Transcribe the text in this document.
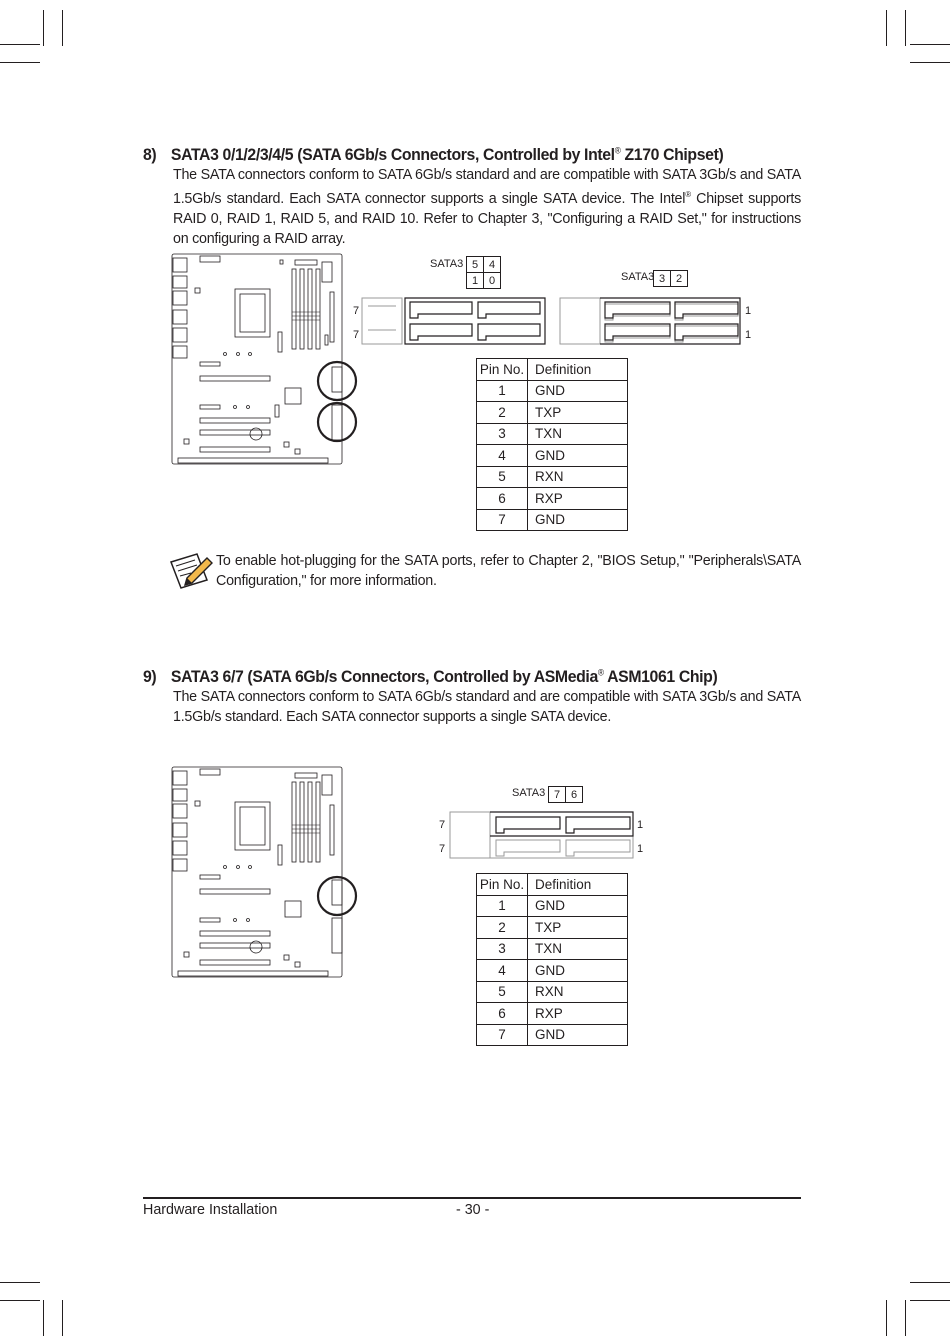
8) SATA3 0/1/2/3/4/5 (SATA 6Gb/s Connectors, Controlled by Intel® Z170 Chipset)
The SATA connectors conform to SATA 6Gb/s standard and are compatible with SATA 3Gb/s and SATA 1.5Gb/s standard. Each SATA connector supports a single SATA device. The Intel® Chipset supports RAID 0, RAID 1, RAID 5, and RAID 10. Refer to Chapter 3, "Configuring a RAID Set," for instructions on configuring a RAID array.
SATA3 5	4
1	0	SATA3 3	2
7
7
1
1
Pin No.	Definition
1	GND
2	TXP
3	TXN
4	GND
5	RXN
6	RXP
7	GND
To enable hot-plugging for the SATA ports, refer to Chapter 2, "BIOS Setup," "Peripherals\SATA Configuration," for more information.
9) SATA3 6/7 (SATA 6Gb/s Connectors, Controlled by ASMedia® ASM1061 Chip)
The SATA connectors conform to SATA 6Gb/s standard and are compatible with SATA 3Gb/s and SATA 1.5Gb/s standard. Each SATA connector supports a single SATA device.
SATA3 7	6
7
7
1
1
Pin No.	Definition
1	GND
2	TXP
3	TXN
4	GND
5	RXN
6	RXP
7	GND
Hardware Installation	- 30 -
